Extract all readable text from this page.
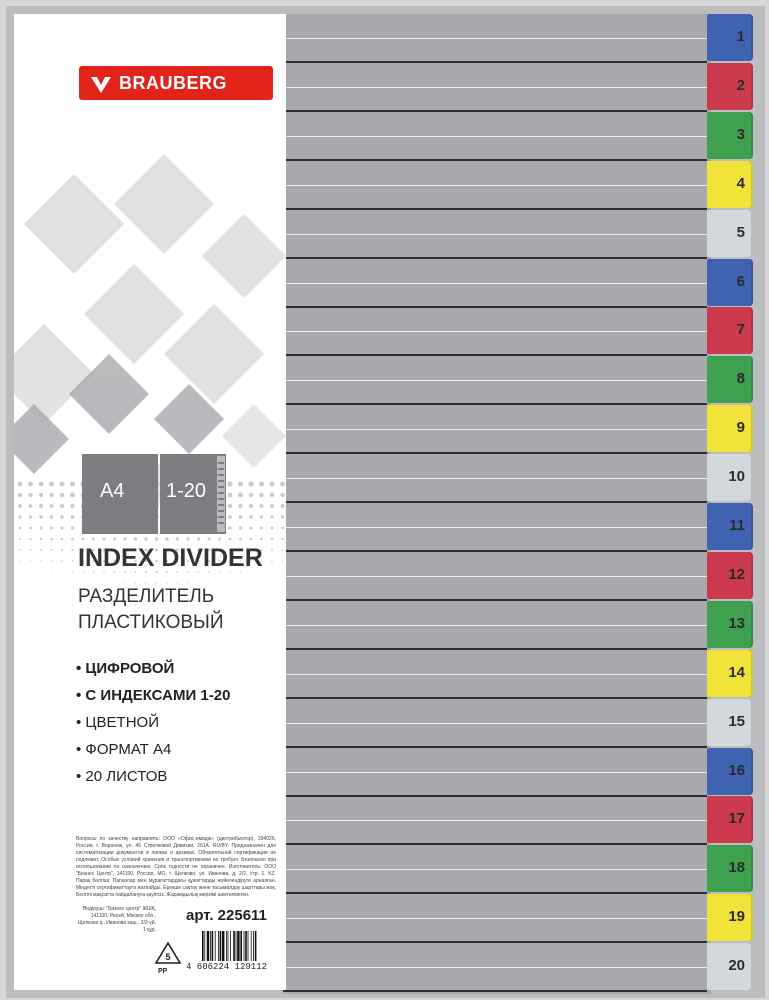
1
2
3
4
5
6
7
8
9
10
11
12
13
14
15
16
17
18
19
20
BRAUBERG
A4 1-20
INDEX DIVIDER
РАЗДЕЛИТЕЛЬ
ПЛАСТИКОВЫЙ
• ЦИФРОВОЙ
• С ИНДЕКСАМИ 1-20
• ЦВЕТНОЙ
• ФОРМАТ А4
• 20 ЛИСТОВ
Вопросы по качеству направлять: ООО «Офис-имидж» (дистрибьютор), 394026, Россия, г. Воронеж, ул. 45 Стрелковой Дивизии, 261А. RU/BY. Предназначен для систематизации документов в папках и архивах. Обязательной сертификации не подлежит. Особых условий хранения и транспортировки не требует. Безопасен при использовании по назначению. Срок годности не ограничен. Изготовитель: ООО "Бизнес Центр", 141100, Россия, МО, г. Щелково, ул. Иванова, д. 2/2, стр. 1. KZ. Парақ бөлгіші. Папкалар мен мұрағаттардағы құжаттарды жүйелендіруге арналған. Міндетті сертификаттауға жатпайды. Ерекше сақтау және тасымалдау шарттары жоқ. Белгілі мақсатта пайдалануға қауіпсіз. Жарамдылық мерзімі шектелмеген.
Өндіруші: "Бизнес центр" ЖШҚ, 141100, Ресей, Мәскеу обл., Щелково қ., Иванова көш., 2/2-үй, 1 құр.
арт. 225611
5
PP 4 606224 129112
